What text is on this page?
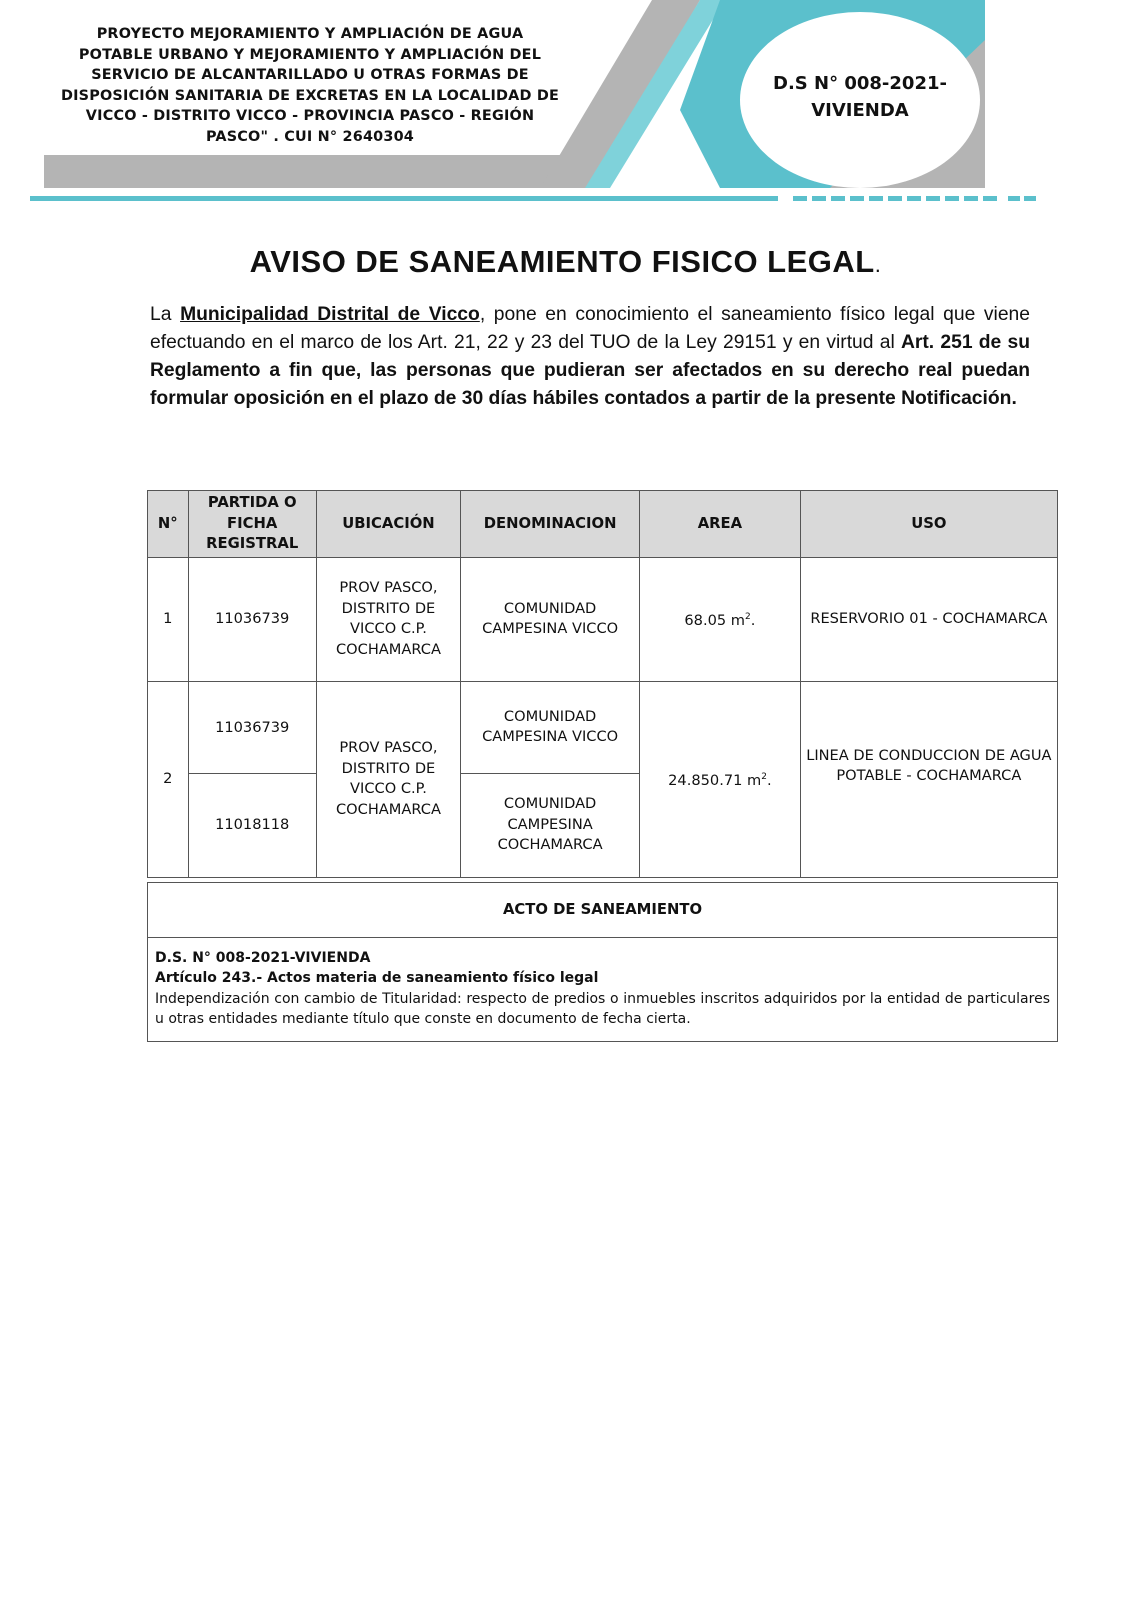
PROYECTO MEJORAMIENTO Y AMPLIACIÓN DE AGUA POTABLE URBANO Y MEJORAMIENTO Y AMPLIACIÓN DEL SERVICIO DE ALCANTARILLADO U OTRAS FORMAS DE DISPOSICIÓN SANITARIA DE EXCRETAS EN LA LOCALIDAD DE VICCO - DISTRITO VICCO - PROVINCIA PASCO - REGIÓN PASCO" . CUI N° 2640304
D.S N° 008-2021-
VIVIENDA
AVISO DE SANEAMIENTO FISICO LEGAL.
La Municipalidad Distrital de Vicco, pone en conocimiento el saneamiento físico legal que viene efectuando en el marco de los Art. 21, 22 y 23 del TUO de la Ley 29151 y en virtud al Art. 251 de su Reglamento a fin que, las personas que pudieran ser afectados en su derecho real puedan formular oposición en el plazo de 30 días hábiles contados a partir de la presente Notificación.
N°	PARTIDA O FICHA REGISTRAL	UBICACIÓN	DENOMINACION	AREA	USO
1	11036739	PROV PASCO, DISTRITO DE VICCO C.P. COCHAMARCA	COMUNIDAD CAMPESINA VICCO	68.05 $m^2$.	RESERVORIO 01 - COCHAMARCA
2	11036739	PROV PASCO, DISTRITO DE VICCO C.P. COCHAMARCA	COMUNIDAD CAMPESINA VICCO	24.850.71 $m^2$.	LINEA DE CONDUCCION DE AGUA POTABLE - COCHAMARCA
	11018118		COMUNIDAD CAMPESINA COCHAMARCA		
ACTO DE SANEAMIENTO
D.S. N° 008-2021-VIVIENDA
Artículo 243.- Actos materia de saneamiento físico legal
Independización con cambio de Titularidad: respecto de predios o inmuebles inscritos adquiridos por la entidad de particulares u otras entidades mediante título que conste en documento de fecha cierta.
